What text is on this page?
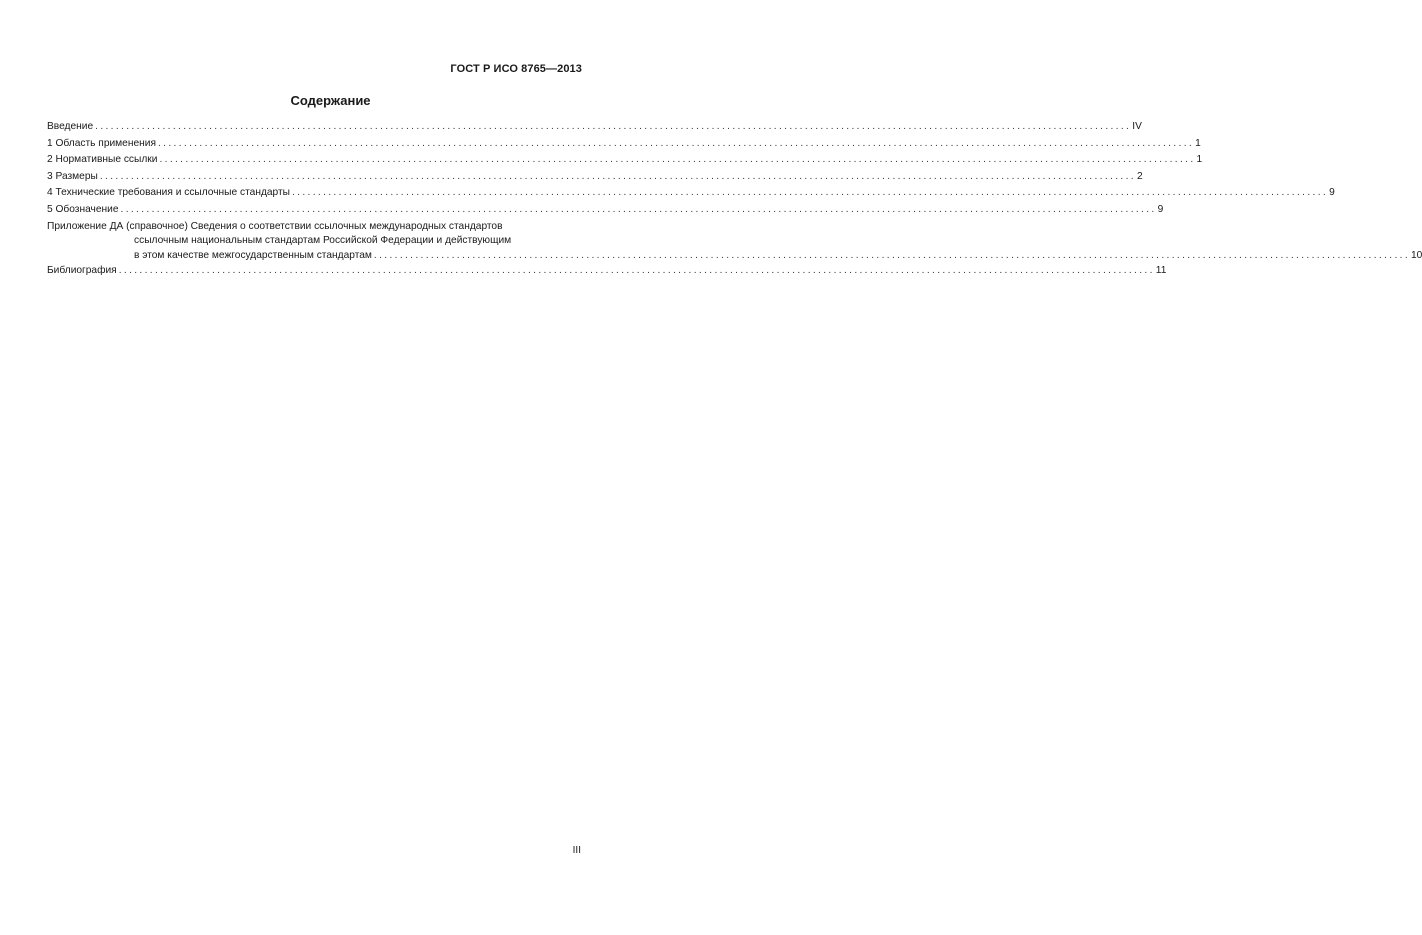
ГОСТ Р ИСО 8765—2013
Содержание
Введение ........................................................................................................................................................................................................ IV
1 Область применения ........................................................................................................................................................................................................ 1
2 Нормативные ссылки ........................................................................................................................................................................................................ 1
3 Размеры ........................................................................................................................................................................................................ 2
4 Технические требования и ссылочные стандарты ........................................................................................................................................................................................................ 9
5 Обозначение ........................................................................................................................................................................................................ 9
Приложение ДА (справочное) Сведения о соответствии ссылочных международных стандартов
ссылочным национальным стандартам Российской Федерации и действующим
в этом качестве межгосударственным стандартам ........................................................................................................................................................................................................ 10
Библиография ........................................................................................................................................................................................................ 11
III
